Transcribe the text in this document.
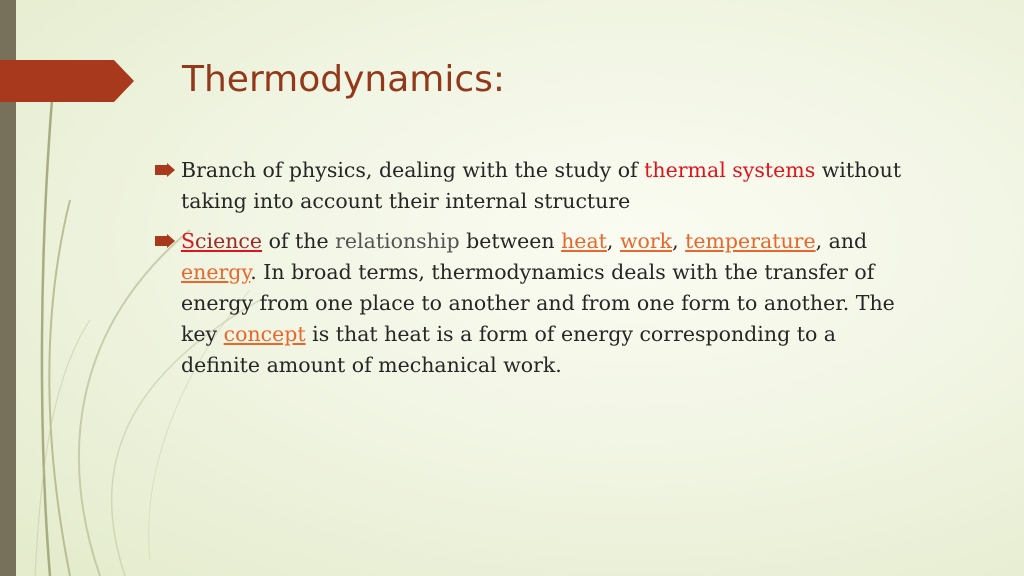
Thermodynamics:

Branch of physics, dealing with the study of thermal systems without taking into account their internal structure

Science of the relationship between heat, work, temperature, and energy. In broad terms, thermodynamics deals with the transfer of energy from one place to another and from one form to another. The key concept is that heat is a form of energy corresponding to a definite amount of mechanical work.
